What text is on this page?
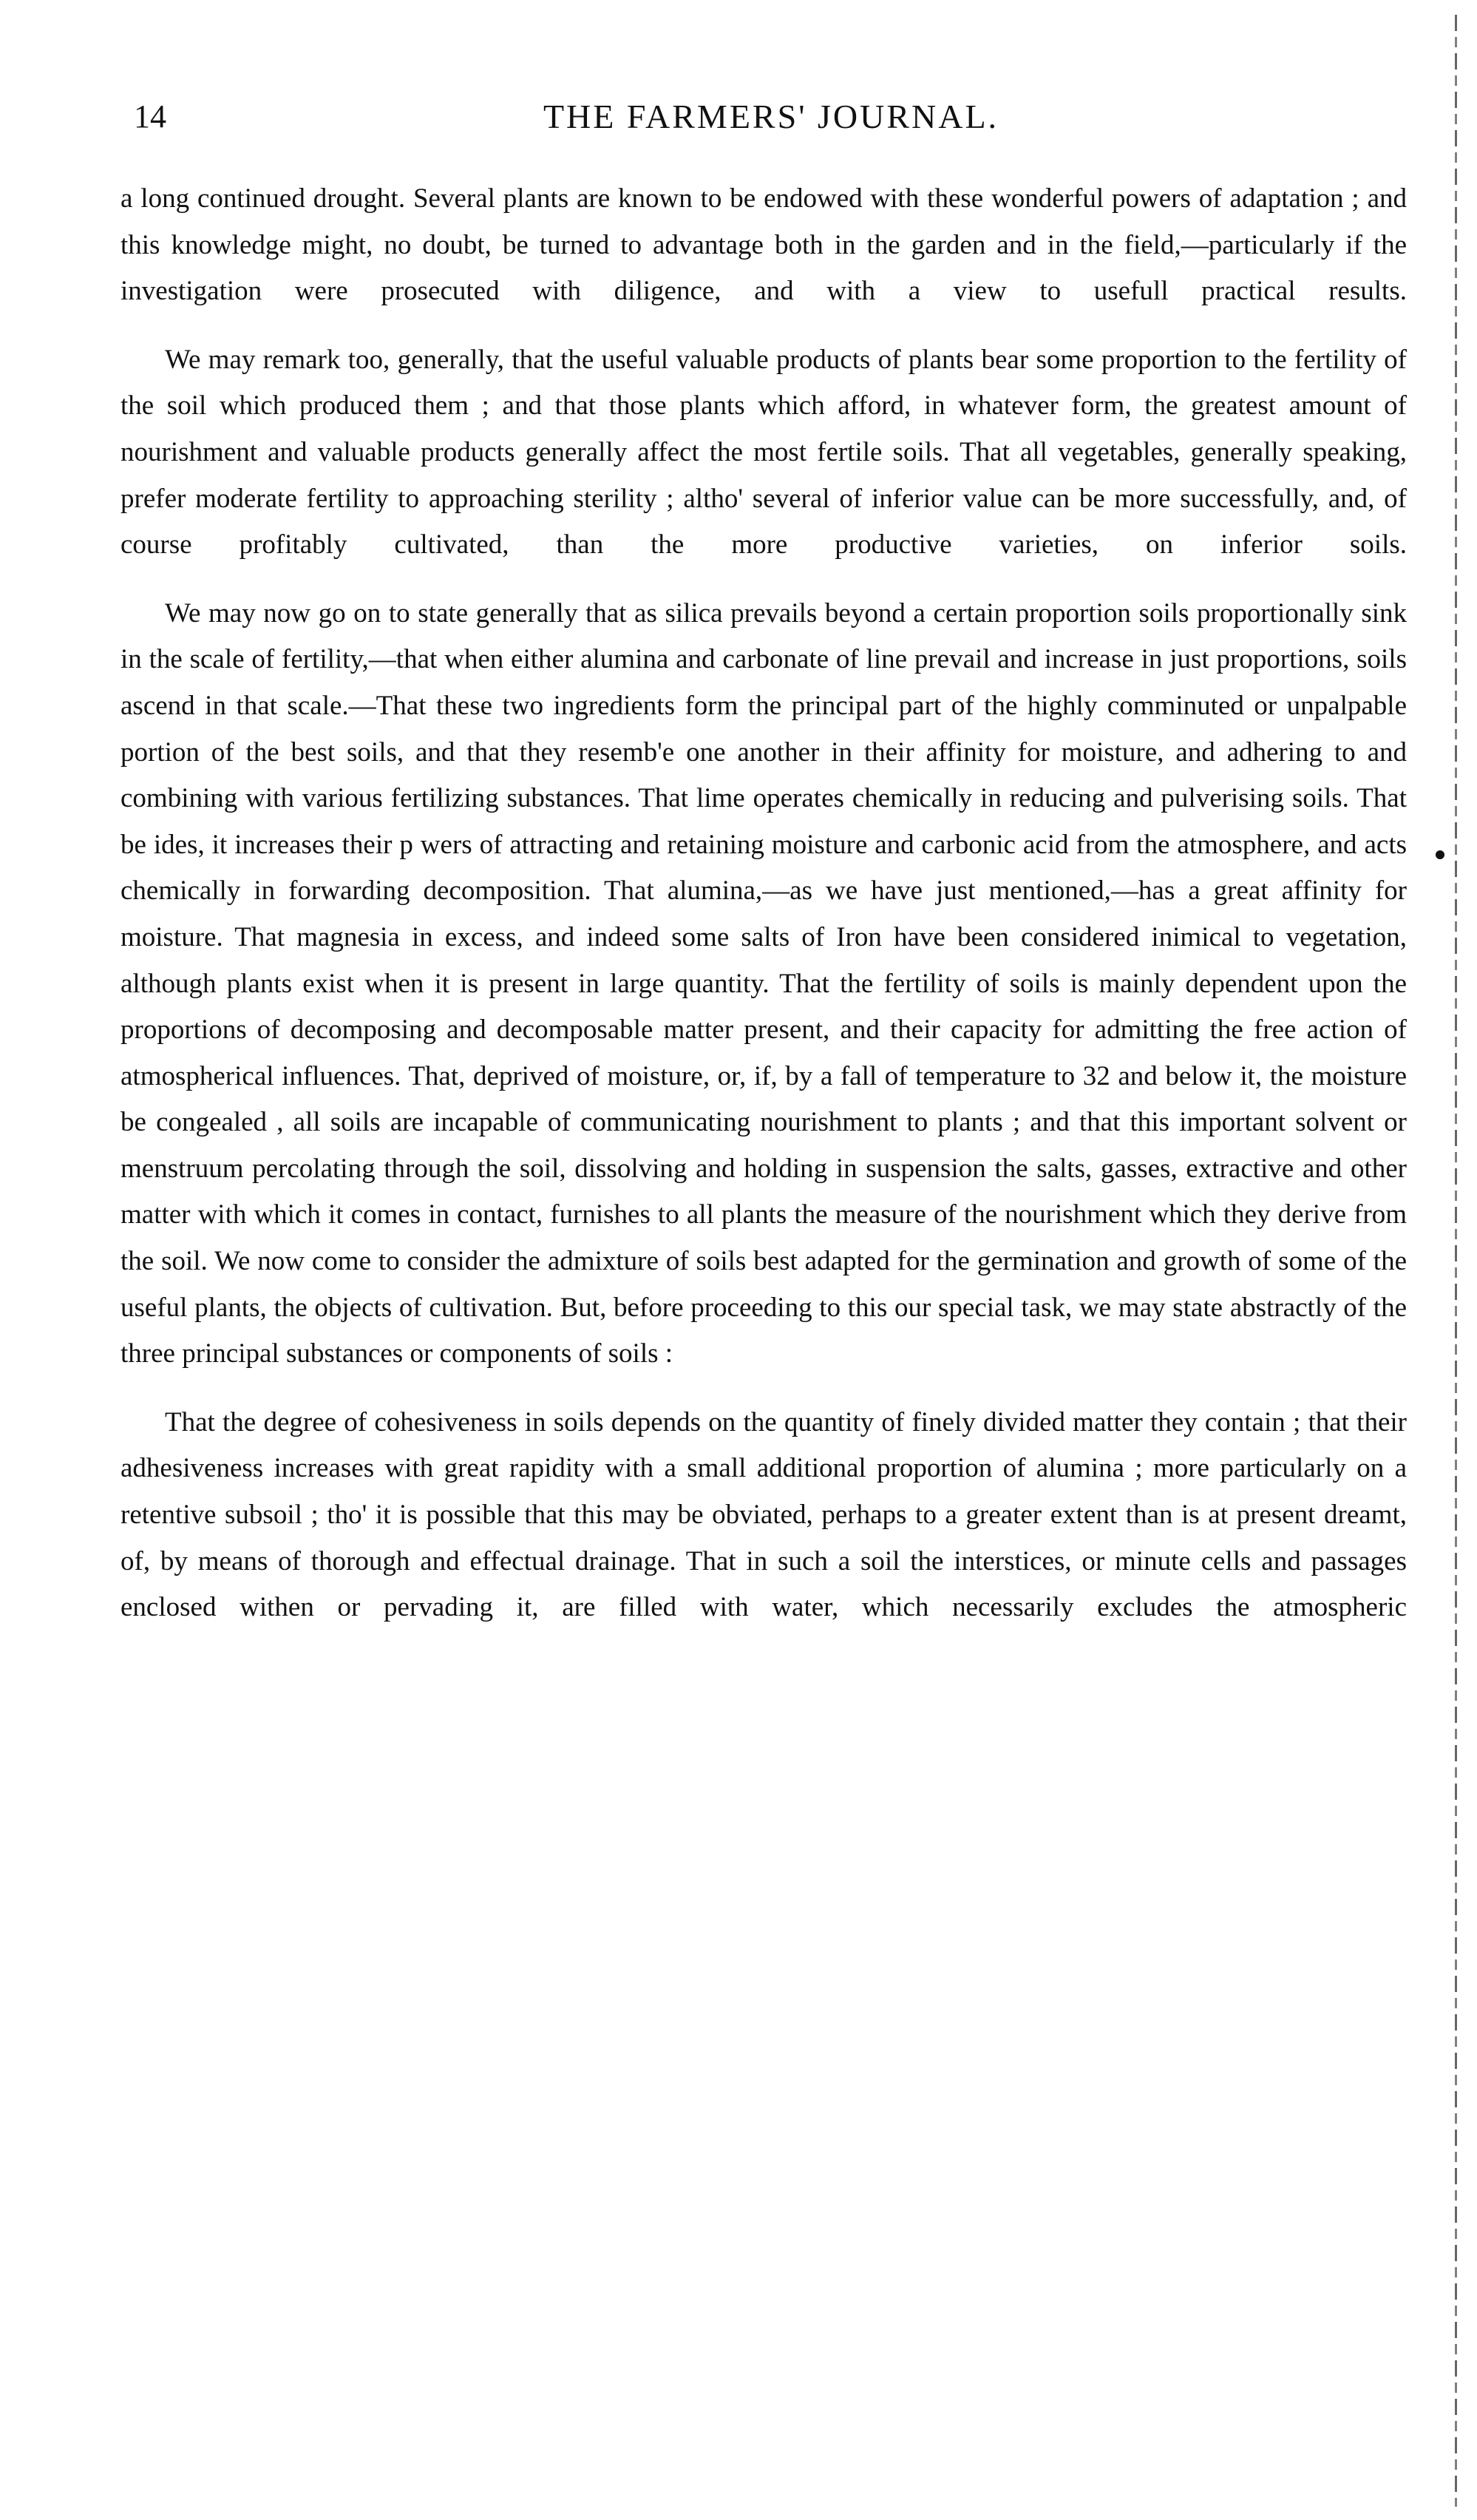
14	THE FARMERS' JOURNAL.

a long continued drought. Several plants are known to be endowed with these wonderful powers of adaptation ; and this knowledge might, no doubt, be turned to advantage both in the garden and in the field,—particularly if the investigation were prosecuted with diligence, and with a view to usefull practical results.

We may remark too, generally, that the useful valuable products of plants bear some proportion to the fertility of the soil which produced them ; and that those plants which afford, in whatever form, the greatest amount of nourishment and valuable products generally affect the most fertile soils. That all vegetables, generally speaking, prefer moderate fertility to approaching sterility ; altho' several of inferior value can be more successfully, and, of course profitably cultivated, than the more productive varieties, on inferior soils.

We may now go on to state generally that as silica prevails beyond a certain proportion soils proportionally sink in the scale of fertility,—that when either alumina and carbonate of line prevail and increase in just proportions, soils ascend in that scale.—That these two ingredients form the principal part of the highly comminuted or unpalpable portion of the best soils, and that they resemb'e one another in their affinity for moisture, and adhering to and combining with various fertilizing substances. That lime operates chemically in reducing and pulverising soils. That be ides, it increases their p wers of attracting and retaining moisture and carbonic acid from the atmosphere, and acts chemically in forwarding decomposition. That alumina,—as we have just mentioned,—has a great affinity for moisture. That magnesia in excess, and indeed some salts of Iron have been considered inimical to vegetation, although plants exist when it is present in large quantity. That the fertility of soils is mainly dependent upon the proportions of decomposing and decomposable matter present, and their capacity for admitting the free action of atmospherical influences. That, deprived of moisture, or, if, by a fall of temperature to 32 and below it, the moisture be congealed , all soils are incapable of communicating nourishment to plants ; and that this important solvent or menstruum percolating through the soil, dissolving and holding in suspension the salts, gasses, extractive and other matter with which it comes in contact, furnishes to all plants the measure of the nourishment which they derive from the soil. We now come to consider the admixture of soils best adapted for the germination and growth of some of the useful plants, the objects of cultivation. But, before proceeding to this our special task, we may state abstractly of the three principal substances or components of soils :

That the degree of cohesiveness in soils depends on the quantity of finely divided matter they contain ; that their adhesiveness increases with great rapidity with a small additional proportion of alumina ; more particularly on a retentive subsoil ; tho' it is possible that this may be obviated, perhaps to a greater extent than is at present dreamt, of, by means of thorough and effectual drainage. That in such a soil the interstices, or minute cells and passages enclosed withen or pervading it, are filled with water, which necessarily excludes the atmospheric
